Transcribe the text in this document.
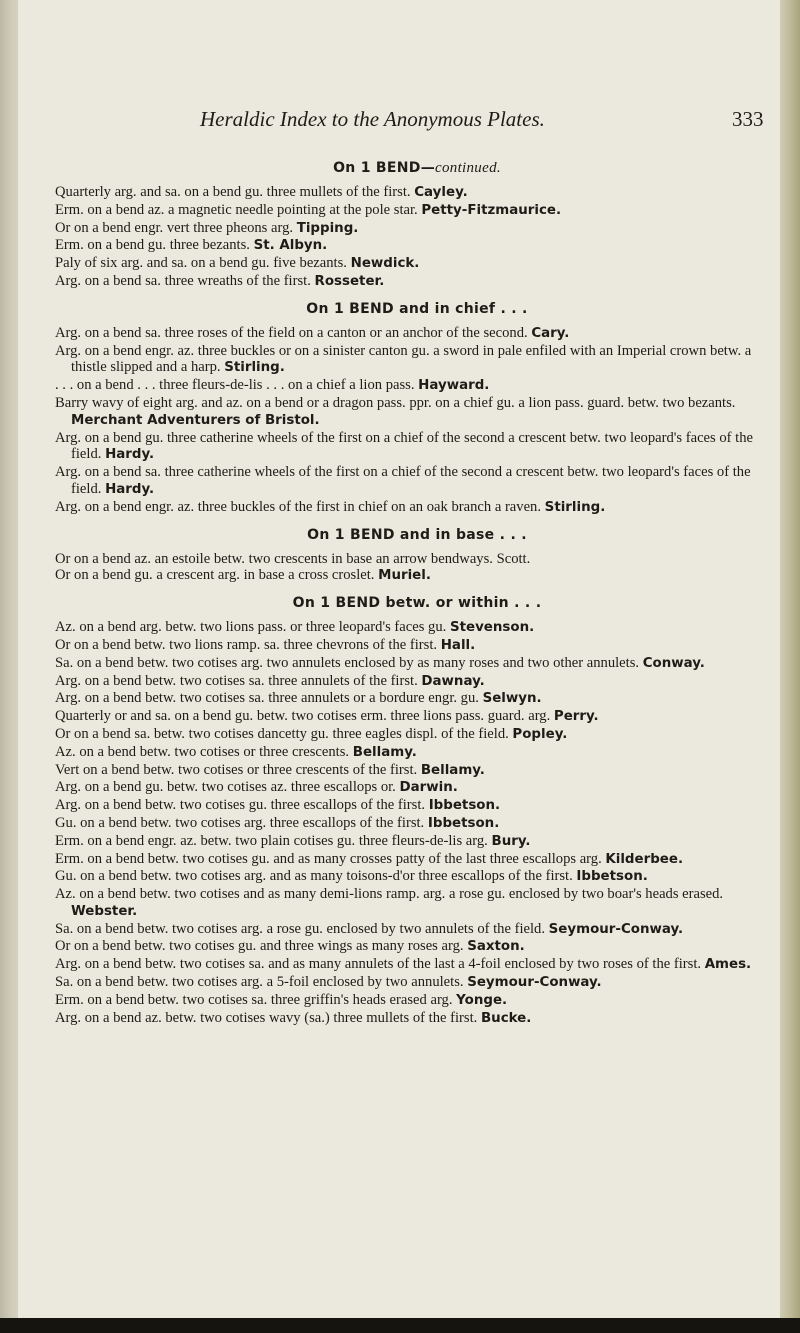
Heraldic Index to the Anonymous Plates.	333
On 1 BEND—continued.
Quarterly arg. and sa. on a bend gu. three mullets of the first. Cayley.
Erm. on a bend az. a magnetic needle pointing at the pole star. Petty-Fitzmaurice.
Or on a bend engr. vert three pheons arg. Tipping.
Erm. on a bend gu. three bezants. St. Albyn.
Paly of six arg. and sa. on a bend gu. five bezants. Newdick.
Arg. on a bend sa. three wreaths of the first. Rosseter.
On 1 BEND and in chief . . .
Arg. on a bend sa. three roses of the field on a canton or an anchor of the second. Cary.
Arg. on a bend engr. az. three buckles or on a sinister canton gu. a sword in pale enfiled with an Imperial crown betw. a thistle slipped and a harp. Stirling.
. . . on a bend . . . three fleurs-de-lis . . . on a chief a lion pass. Hayward.
Barry wavy of eight arg. and az. on a bend or a dragon pass. ppr. on a chief gu. a lion pass. guard. betw. two bezants. Merchant Adventurers of Bristol.
Arg. on a bend gu. three catherine wheels of the first on a chief of the second a crescent betw. two leopard's faces of the field. Hardy.
Arg. on a bend sa. three catherine wheels of the first on a chief of the second a crescent betw. two leopard's faces of the field. Hardy.
Arg. on a bend engr. az. three buckles of the first in chief on an oak branch a raven. Stirling.
On 1 BEND and in base . . .
Or on a bend az. an estoile betw. two crescents in base an arrow bendways. Scott.
Or on a bend gu. a crescent arg. in base a cross croslet. Muriel.
On 1 BEND betw. or within . . .
Az. on a bend arg. betw. two lions pass. or three leopard's faces gu. Stevenson.
Or on a bend betw. two lions ramp. sa. three chevrons of the first. Hall.
Sa. on a bend betw. two cotises arg. two annulets enclosed by as many roses and two other annulets. Conway.
Arg. on a bend betw. two cotises sa. three annulets of the first. Dawnay.
Arg. on a bend betw. two cotises sa. three annulets or a bordure engr. gu. Selwyn.
Quarterly or and sa. on a bend gu. betw. two cotises erm. three lions pass. guard. arg. Perry.
Or on a bend sa. betw. two cotises dancetty gu. three eagles displ. of the field. Popley.
Az. on a bend betw. two cotises or three crescents. Bellamy.
Vert on a bend betw. two cotises or three crescents of the first. Bellamy.
Arg. on a bend gu. betw. two cotises az. three escallops or. Darwin.
Arg. on a bend betw. two cotises gu. three escallops of the first. Ibbetson.
Gu. on a bend betw. two cotises arg. three escallops of the first. Ibbetson.
Erm. on a bend engr. az. betw. two plain cotises gu. three fleurs-de-lis arg. Bury.
Erm. on a bend betw. two cotises gu. and as many crosses patty of the last three escallops arg. Kilderbee.
Gu. on a bend betw. two cotises arg. and as many toisons-d'or three escallops of the first. Ibbetson.
Az. on a bend betw. two cotises and as many demi-lions ramp. arg. a rose gu. enclosed by two boar's heads erased. Webster.
Sa. on a bend betw. two cotises arg. a rose gu. enclosed by two annulets of the field. Seymour-Conway.
Or on a bend betw. two cotises gu. and three wings as many roses arg. Saxton.
Arg. on a bend betw. two cotises sa. and as many annulets of the last a 4-foil enclosed by two roses of the first. Ames.
Sa. on a bend betw. two cotises arg. a 5-foil enclosed by two annulets. Seymour-Conway.
Erm. on a bend betw. two cotises sa. three griffin's heads erased arg. Yonge.
Arg. on a bend az. betw. two cotises wavy (sa.) three mullets of the first. Bucke.
